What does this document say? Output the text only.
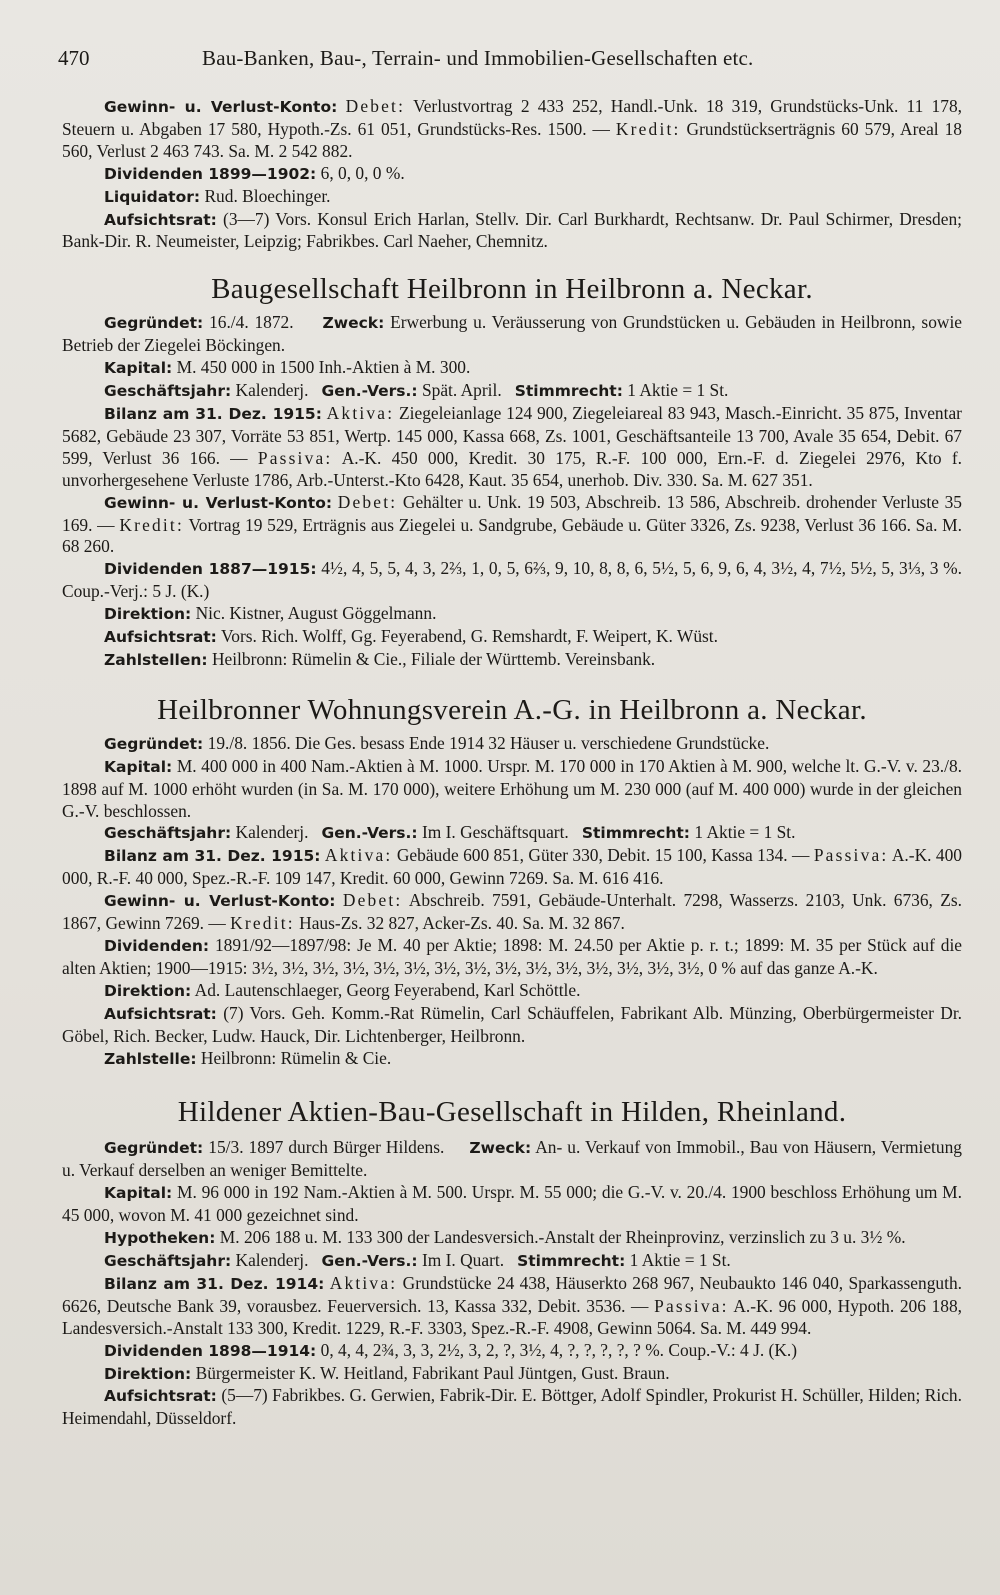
470	Bau-Banken, Bau-, Terrain- und Immobilien-Gesellschaften etc.

Gewinn- u. Verlust-Konto: Debet: Verlustvortrag 2 433 252, Handl.-Unk. 18 319, Grundstücks-Unk. 11 178, Steuern u. Abgaben 17 580, Hypoth.-Zs. 61 051, Grundstücks-Res. 1500. — Kredit: Grundstückserträgnis 60 579, Areal 18 560, Verlust 2 463 743. Sa. M. 2 542 882.

Dividenden 1899—1902: 6, 0, 0, 0 %.

Liquidator: Rud. Bloechinger.

Aufsichtsrat: (3—7) Vors. Konsul Erich Harlan, Stellv. Dir. Carl Burkhardt, Rechtsanw. Dr. Paul Schirmer, Dresden; Bank-Dir. R. Neumeister, Leipzig; Fabrikbes. Carl Naeher, Chemnitz.

Baugesellschaft Heilbronn in Heilbronn a. Neckar.

Gegründet: 16./4. 1872. Zweck: Erwerbung u. Veräusserung von Grundstücken u. Gebäuden in Heilbronn, sowie Betrieb der Ziegelei Böckingen.

Kapital: M. 450 000 in 1500 Inh.-Aktien à M. 300.

Geschäftsjahr: Kalenderj. Gen.-Vers.: Spät. April. Stimmrecht: 1 Aktie = 1 St.

Bilanz am 31. Dez. 1915: Aktiva: Ziegeleianlage 124 900, Ziegeleiareal 83 943, Masch.-Einricht. 35 875, Inventar 5682, Gebäude 23 307, Vorräte 53 851, Wertp. 145 000, Kassa 668, Zs. 1001, Geschäftsanteile 13 700, Avale 35 654, Debit. 67 599, Verlust 36 166. — Passiva: A.-K. 450 000, Kredit. 30 175, R.-F. 100 000, Ern.-F. d. Ziegelei 2976, Kto f. unvorhergesehene Verluste 1786, Arb.-Unterst.-Kto 6428, Kaut. 35 654, unerhob. Div. 330. Sa. M. 627 351.

Gewinn- u. Verlust-Konto: Debet: Gehälter u. Unk. 19 503, Abschreib. 13 586, Abschreib. drohender Verluste 35 169. — Kredit: Vortrag 19 529, Erträgnis aus Ziegelei u. Sandgrube, Gebäude u. Güter 3326, Zs. 9238, Verlust 36 166. Sa. M. 68 260.

Dividenden 1887—1915: 4½, 4, 5, 5, 4, 3, 2⅔, 1, 0, 5, 6⅔, 9, 10, 8, 8, 6, 5½, 5, 6, 9, 6, 4, 3½, 4, 7½, 5½, 5, 3⅓, 3 %. Coup.-Verj.: 5 J. (K.)

Direktion: Nic. Kistner, August Göggelmann.

Aufsichtsrat: Vors. Rich. Wolff, Gg. Feyerabend, G. Remshardt, F. Weipert, K. Wüst.

Zahlstellen: Heilbronn: Rümelin & Cie., Filiale der Württemb. Vereinsbank.

Heilbronner Wohnungsverein A.-G. in Heilbronn a. Neckar.

Gegründet: 19./8. 1856. Die Ges. besass Ende 1914 32 Häuser u. verschiedene Grundstücke.

Kapital: M. 400 000 in 400 Nam.-Aktien à M. 1000. Urspr. M. 170 000 in 170 Aktien à M. 900, welche lt. G.-V. v. 23./8. 1898 auf M. 1000 erhöht wurden (in Sa. M. 170 000), weitere Erhöhung um M. 230 000 (auf M. 400 000) wurde in der gleichen G.-V. beschlossen.

Geschäftsjahr: Kalenderj. Gen.-Vers.: Im I. Geschäftsquart. Stimmrecht: 1 Aktie = 1 St.

Bilanz am 31. Dez. 1915: Aktiva: Gebäude 600 851, Güter 330, Debit. 15 100, Kassa 134. — Passiva: A.-K. 400 000, R.-F. 40 000, Spez.-R.-F. 109 147, Kredit. 60 000, Gewinn 7269. Sa. M. 616 416.

Gewinn- u. Verlust-Konto: Debet: Abschreib. 7591, Gebäude-Unterhalt. 7298, Wasserzs. 2103, Unk. 6736, Zs. 1867, Gewinn 7269. — Kredit: Haus-Zs. 32 827, Acker-Zs. 40. Sa. M. 32 867.

Dividenden: 1891/92—1897/98: Je M. 40 per Aktie; 1898: M. 24.50 per Aktie p. r. t.; 1899: M. 35 per Stück auf die alten Aktien; 1900—1915: 3½, 3½, 3½, 3½, 3½, 3½, 3½, 3½, 3½, 3½, 3½, 3½, 3½, 3½, 3½, 0 % auf das ganze A.-K.

Direktion: Ad. Lautenschlaeger, Georg Feyerabend, Karl Schöttle.

Aufsichtsrat: (7) Vors. Geh. Komm.-Rat Rümelin, Carl Schäuffelen, Fabrikant Alb. Münzing, Oberbürgermeister Dr. Göbel, Rich. Becker, Ludw. Hauck, Dir. Lichtenberger, Heilbronn.

Zahlstelle: Heilbronn: Rümelin & Cie.

Hildener Aktien-Bau-Gesellschaft in Hilden, Rheinland.

Gegründet: 15/3. 1897 durch Bürger Hildens. Zweck: An- u. Verkauf von Immobil., Bau von Häusern, Vermietung u. Verkauf derselben an weniger Bemittelte.

Kapital: M. 96 000 in 192 Nam.-Aktien à M. 500. Urspr. M. 55 000; die G.-V. v. 20./4. 1900 beschloss Erhöhung um M. 45 000, wovon M. 41 000 gezeichnet sind.

Hypotheken: M. 206 188 u. M. 133 300 der Landesversich.-Anstalt der Rheinprovinz, verzinslich zu 3 u. 3½ %.

Geschäftsjahr: Kalenderj. Gen.-Vers.: Im I. Quart. Stimmrecht: 1 Aktie = 1 St.

Bilanz am 31. Dez. 1914: Aktiva: Grundstücke 24 438, Häuserkto 268 967, Neubaukto 146 040, Sparkassenguth. 6626, Deutsche Bank 39, vorausbez. Feuerversich. 13, Kassa 332, Debit. 3536. — Passiva: A.-K. 96 000, Hypoth. 206 188, Landesversich.-Anstalt 133 300, Kredit. 1229, R.-F. 3303, Spez.-R.-F. 4908, Gewinn 5064. Sa. M. 449 994.

Dividenden 1898—1914: 0, 4, 4, 2¾, 3, 3, 2½, 3, 2, ?, 3½, 4, ?, ?, ?, ?, ? %. Coup.-V.: 4 J. (K.)

Direktion: Bürgermeister K. W. Heitland, Fabrikant Paul Jüntgen, Gust. Braun.

Aufsichtsrat: (5—7) Fabrikbes. G. Gerwien, Fabrik-Dir. E. Böttger, Adolf Spindler, Prokurist H. Schüller, Hilden; Rich. Heimendahl, Düsseldorf.
